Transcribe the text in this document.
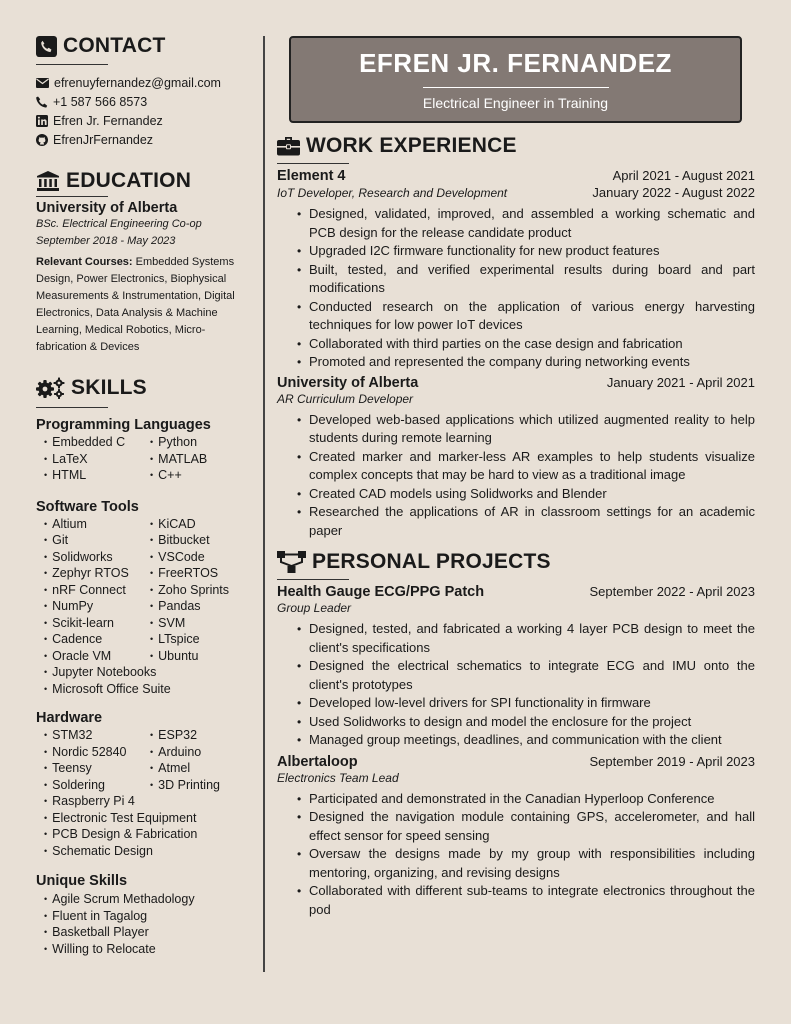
CONTACT
efrenuyfernandez@gmail.com
+1 587 566 8573
Efren Jr. Fernandez
EfrenJrFernandez
EDUCATION
University of Alberta
BSc. Electrical Engineering Co-op
September 2018 - May 2023
Relevant Courses: Embedded Systems Design, Power Electronics, Biophysical Measurements & Instrumentation, Digital Electronics, Data Analysis & Machine Learning, Medical Robotics, Micro-fabrication & Devices
SKILLS
Programming Languages
• Embedded C	• Python
• LaTeX	• MATLAB
• HTML	• C++
Software Tools
• Altium	• KiCAD
• Git	• Bitbucket
• Solidworks	• VSCode
• Zephyr RTOS	• FreeRTOS
• nRF Connect	• Zoho Sprints
• NumPy	• Pandas
• Scikit-learn	• SVM
• Cadence	• LTspice
• Oracle VM	• Ubuntu
• Jupyter Notebooks
• Microsoft Office Suite
Hardware
• STM32	• ESP32
• Nordic 52840	• Arduino
• Teensy	• Atmel
• Soldering	• 3D Printing
• Raspberry Pi 4
• Electronic Test Equipment
• PCB Design & Fabrication
• Schematic Design
Unique Skills
• Agile Scrum Methadology
• Fluent in Tagalog
• Basketball Player
• Willing to Relocate
EFREN JR. FERNANDEZ
Electrical Engineer in Training
WORK EXPERIENCE
Element 4	April 2021 - August 2021
IoT Developer, Research and Development	January 2022 - August 2022
• Designed, validated, improved, and assembled a working schematic and PCB design for the release candidate product
• Upgraded I2C firmware functionality for new product features
• Built, tested, and verified experimental results during board and part modifications
• Conducted research on the application of various energy harvesting techniques for low power IoT devices
• Collaborated with third parties on the case design and fabrication
• Promoted and represented the company during networking events
University of Alberta	January 2021 - April 2021
AR Curriculum Developer
• Developed web-based applications which utilized augmented reality to help students during remote learning
• Created marker and marker-less AR examples to help students visualize complex concepts that may be hard to view as a traditional image
• Created CAD models using Solidworks and Blender
• Researched the applications of AR in classroom settings for an academic paper
PERSONAL PROJECTS
Health Gauge ECG/PPG Patch	September 2022 - April 2023
Group Leader
• Designed, tested, and fabricated a working 4 layer PCB design to meet the client's specifications
• Designed the electrical schematics to integrate ECG and IMU onto the client's prototypes
• Developed low-level drivers for SPI functionality in firmware
• Used Solidworks to design and model the enclosure for the project
• Managed group meetings, deadlines, and communication with the client
Albertaloop	September 2019 - April 2023
Electronics Team Lead
• Participated and demonstrated in the Canadian Hyperloop Conference
• Designed the navigation module containing GPS, accelerometer, and hall effect sensor for speed sensing
• Oversaw the designs made by my group with responsibilities including mentoring, organizing, and revising designs
• Collaborated with different sub-teams to integrate electronics throughout the pod
